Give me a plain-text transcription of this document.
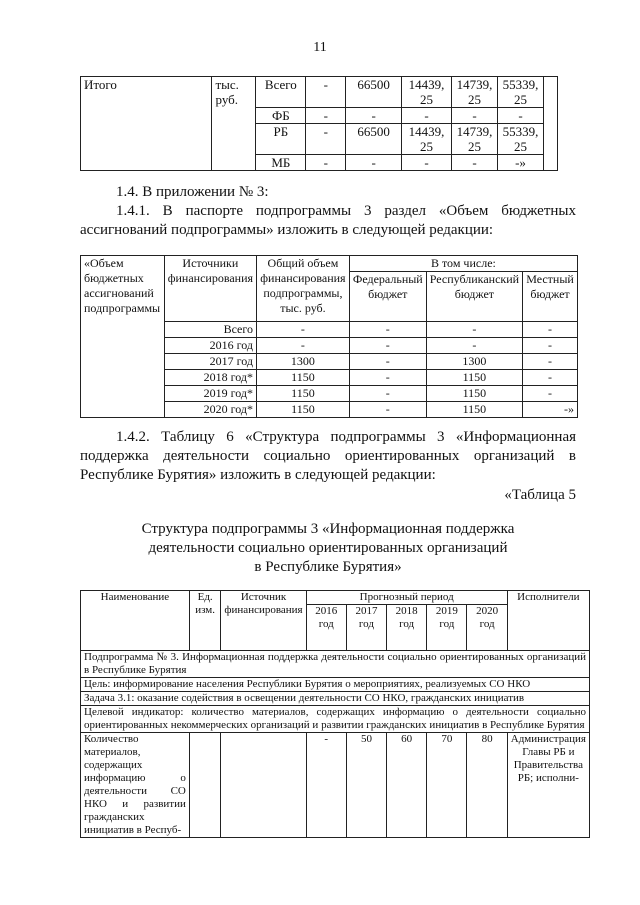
11
Итого	тыс. руб.	Всего	-	66500	14439, 25	14739, 25	55339, 25	
		ФБ	-	-	-	-	-	
		РБ	-	66500	14439, 25	14739, 25	55339, 25	
		МБ	-	-	-	-	-»	
1.4. В приложении № 3:
1.4.1. В паспорте подпрограммы 3 раздел «Объем бюджетных ассигнований подпрограммы» изложить в следующей редакции:
«Объем бюджетных ассигнований подпрограммы	Источники финансирования	Общий объем финансирования подпрограммы, тыс. руб.	В том числе:		
			Федеральный бюджет	Республиканский бюджет	Местный бюджет
	Всего	-	-	-	-
	2016 год	-	-	-	-
	2017 год	1300	-	1300	-
	2018 год*	1150	-	1150	-
	2019 год*	1150	-	1150	-
	2020 год*	1150	-	1150	-»
1.4.2. Таблицу 6 «Структура подпрограммы 3 «Информационная поддержка деятельности социально ориентированных организаций в Республике Бурятия» изложить в следующей редакции:
«Таблица 5
Структура подпрограммы 3 «Информационная поддержка
деятельности социально ориентированных организаций
в Республике Бурятия»
Наименование	Ед. изм.	Источник финансирования	Прогнозный период					Исполнители
			2016 год	2017 год	2018 год	2019 год	2020 год	
Подпрограмма № 3. Информационная поддержка деятельности социально ориентированных организаций в Республике Бурятия								
Цель: информирование населения Республики Бурятия о мероприятиях, реализуемых СО НКО								
Задача 3.1: оказание содействия в освещении деятельности СО НКО, гражданских инициатив								
Целевой индикатор: количество материалов, содержащих информацию о деятельности социально ориентированных некоммерческих организаций и развитии гражданских инициатив в Республике Бурятия								
Количество материалов, содержащих информацию о деятельности СО НКО и развитии гражданских инициатив в Респуб-			-	50	60	70	80	Администрация Главы РБ и Правительства РБ; исполни-
